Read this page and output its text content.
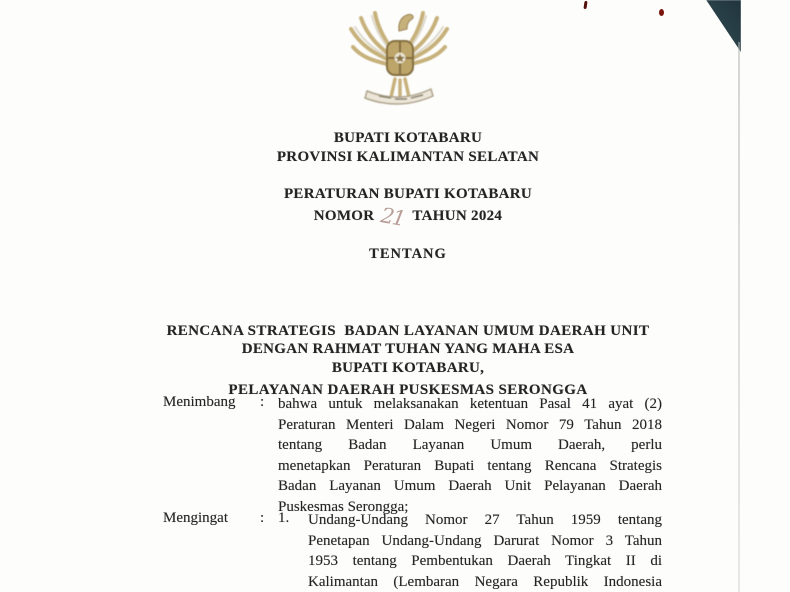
BUPATI KOTABARU
PROVINSI KALIMANTAN SELATAN
PERATURAN BUPATI KOTABARU
NOMOR 21 TAHUN 2024
TENTANG

RENCANA STRATEGIS  BADAN LAYANAN UMUM DAERAH UNIT

PELAYANAN DAERAH PUSKESMAS SERONGGA

DENGAN RAHMAT TUHAN YANG MAHA ESA
BUPATI KOTABARU,
Menimbang : bahwa untuk melaksanakan ketentuan Pasal 41 ayat (2)
Peraturan Menteri Dalam Negeri Nomor 79 Tahun 2018
tentang Badan Layanan Umum Daerah, perlu
menetapkan Peraturan Bupati tentang Rencana Strategis
Badan Layanan Umum Daerah Unit Pelayanan Daerah
Puskesmas Serongga;
Mengingat : 1. Undang-Undang Nomor 27 Tahun 1959 tentang
Penetapan Undang-Undang Darurat Nomor 3 Tahun
1953 tentang Pembentukan Daerah Tingkat II di
Kalimantan (Lembaran Negara Republik Indonesia
